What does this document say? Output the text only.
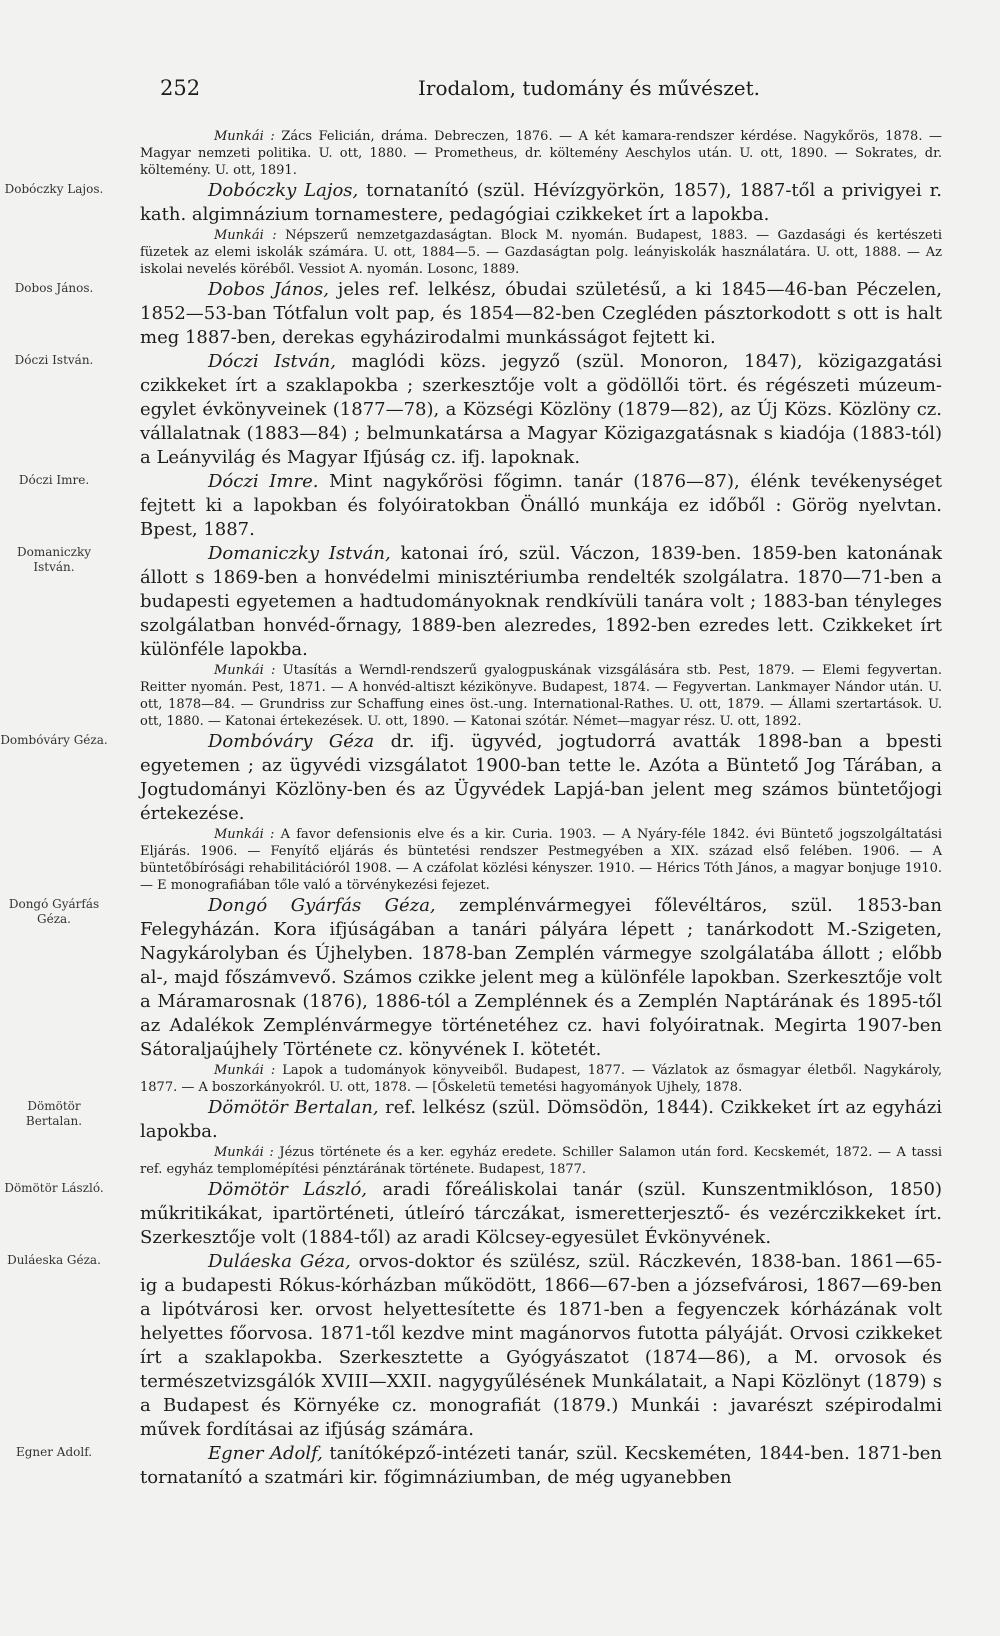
252	Irodalom, tudomány és művészet.

Munkái : Zács Felicián, dráma. Debreczen, 1876. — A két kamara-rendszer kérdése. Nagykőrös, 1878. — Magyar nemzeti politika. U. ott, 1880. — Prometheus, dr. költemény Aeschylos után. U. ott, 1890. — Sokrates, dr. költemény. U. ott, 1891.

Dobóczky Lajos.	Dobóczky Lajos, tornatanító (szül. Hévízgyörkön, 1857), 1887-től a privigyei r. kath. algimnázium tornamestere, pedagógiai czikkeket írt a lapokba.

Munkái : Népszerű nemzetgazdaságtan. Block M. nyomán. Budapest, 1883. — Gazdasági és kertészeti füzetek az elemi iskolák számára. U. ott, 1884—5. — Gazdaságtan polg. leányiskolák használatára. U. ott, 1888. — Az iskolai nevelés köréből. Vessiot A. nyomán. Losonc, 1889.

Dobos János.	Dobos János, jeles ref. lelkész, óbudai születésű, a ki 1845—46-ban Péczelen, 1852—53-ban Tótfalun volt pap, és 1854—82-ben Czegléden pásztorkodott s ott is halt meg 1887-ben, derekas egyházirodalmi munkásságot fejtett ki.

Dóczi István.	Dóczi István, maglódi közs. jegyző (szül. Monoron, 1847), közigazgatási czikkeket írt a szaklapokba ; szerkesztője volt a gödöllői tört. és régészeti múzeum-egylet évkönyveinek (1877—78), a Községi Közlöny (1879—82), az Új Közs. Közlöny cz. vállalatnak (1883—84) ; belmunkatársa a Magyar Közigazgatásnak s kiadója (1883-tól) a Leányvilág és Magyar Ifjúság cz. ifj. lapoknak.

Dóczi Imre.	Dóczi Imre. Mint nagykőrösi főgimn. tanár (1876—87), élénk tevékenységet fejtett ki a lapokban és folyóiratokban Önálló munkája ez időből : Görög nyelvtan. Bpest, 1887.

Domaniczky István.

Domaniczky István, katonai író, szül. Váczon, 1839-ben. 1859-ben katonának állott s 1869-ben a honvédelmi minisztériumba rendelték szolgálatra. 1870—71-ben a budapesti egyetemen a hadtudományoknak rendkívüli tanára volt ; 1883-ban tényleges szolgálatban honvéd-őrnagy, 1889-ben alezredes, 1892-ben ezredes lett. Czikkeket írt különféle lapokba.

Munkái : Utasítás a Werndl-rendszerű gyalogpuskának vizsgálására stb. Pest, 1879. — Elemi fegyvertan. Reitter nyomán. Pest, 1871. — A honvéd-altiszt kézikönyve. Budapest, 1874. — Fegyvertan. Lankmayer Nándor után. U. ott, 1878—84. — Grundriss zur Schaffung eines öst.-ung. International-Rathes. U. ott, 1879. — Állami szertartások. U. ott, 1880. — Katonai értekezések. U. ott, 1890. — Katonai szótár. Német—magyar rész. U. ott, 1892.

Dombóváry Géza.	Dombóváry Géza dr. ifj. ügyvéd, jogtudorrá avatták 1898-ban a bpesti egyetemen ; az ügyvédi vizsgálatot 1900-ban tette le. Azóta a Büntető Jog Tárában, a Jogtudományi Közlöny-ben és az Ügyvédek Lapjá-ban jelent meg számos büntetőjogi értekezése.

Munkái : A favor defensionis elve és a kir. Curia. 1903. — A Nyáry-féle 1842. évi Büntető jogszolgáltatási Eljárás. 1906. — Fenyítő eljárás és büntetési rendszer Pestmegyében a XIX. század első felében. 1906. — A büntetőbírósági rehabilitációról 1908. — A czáfolat közlési kényszer. 1910. — Hérics Tóth János, a magyar bonjuge 1910. — E monografiában tőle való a törvénykezési fejezet.

Dongó Gyárfás Géza.

Dongó Gyárfás Géza, zemplénvármegyei főlevéltáros, szül. 1853-ban Felegyházán. Kora ifjúságában a tanári pályára lépett ; tanárkodott M.-Szigeten, Nagykárolyban és Újhelyben. 1878-ban Zemplén vármegye szolgálatába állott ; előbb al-, majd főszámvevő. Számos czikke jelent meg a különféle lapokban. Szerkesztője volt a Máramarosnak (1876), 1886-tól a Zemplénnek és a Zemplén Naptárának és 1895-től az Adalékok Zemplénvármegye történetéhez cz. havi folyóiratnak. Megirta 1907-ben Sátoraljaújhely Története cz. könyvének I. kötetét.

Munkái : Lapok a tudományok könyveiből. Budapest, 1877. — Vázlatok az ősmagyar életből. Nagykároly, 1877. — A boszorkányokról. U. ott, 1878. — [Őskeletü temetési hagyományok Ujhely, 1878.

Dömötör Bertalan.

Dömötör Bertalan, ref. lelkész (szül. Dömsödön, 1844). Czikkeket írt az egyházi lapokba.

Munkái : Jézus története és a ker. egyház eredete. Schiller Salamon után ford. Kecskemét, 1872. — A tassi ref. egyház templomépítési pénztárának története. Budapest, 1877.

Dömötör László.	Dömötör László, aradi főreáliskolai tanár (szül. Kunszentmiklóson, 1850) műkritikákat, ipartörténeti, útleíró tárczákat, ismeretterjesztő- és vezérczikkeket írt. Szerkesztője volt (1884-től) az aradi Kölcsey-egyesület Évkönyvének.

Duláeska Géza.	Duláeska Géza, orvos-doktor és szülész, szül. Ráczkevén, 1838-ban. 1861—65-ig a budapesti Rókus-kórházban működött, 1866—67-ben a józsefvárosi, 1867—69-ben a lipótvárosi ker. orvost helyettesítette és 1871-ben a fegyenczek kórházának volt helyettes főorvosa. 1871-től kezdve mint magánorvos futotta pályáját. Orvosi czikkeket írt a szaklapokba. Szerkesztette a Gyógyászatot (1874—86), a M. orvosok és természetvizsgálók XVIII—XXII. nagygyűlésének Munkálatait, a Napi Közlönyt (1879) s a Budapest és Környéke cz. monografiát (1879.) Munkái : javarészt szépirodalmi művek fordításai az ifjúság számára.

Egner Adolf.	Egner Adolf, tanítóképző-intézeti tanár, szül. Kecskeméten, 1844-ben. 1871-ben tornatanító a szatmári kir. főgimnáziumban, de még ugyanebben
